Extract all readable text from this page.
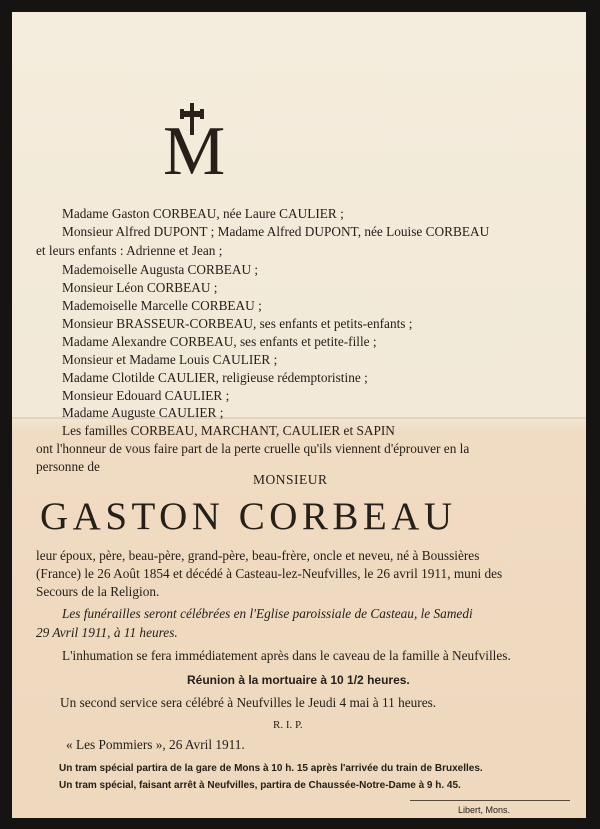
M
Madame Gaston CORBEAU, née Laure CAULIER ;
Monsieur Alfred DUPONT ; Madame Alfred DUPONT, née Louise CORBEAU
et leurs enfants : Adrienne et Jean ;
Mademoiselle Augusta CORBEAU ;
Monsieur Léon CORBEAU ;
Mademoiselle Marcelle CORBEAU ;
Monsieur BRASSEUR-CORBEAU, ses enfants et petits-enfants ;
Madame Alexandre CORBEAU, ses enfants et petite-fille ;
Monsieur et Madame Louis CAULIER ;
Madame Clotilde CAULIER, religieuse rédemptoristine ;
Monsieur Edouard CAULIER ;
Madame Auguste CAULIER ;
Les familles CORBEAU, MARCHANT, CAULIER et SAPIN
ont l'honneur de vous faire part de la perte cruelle qu'ils viennent d'éprouver en la
personne de
MONSIEUR
GASTON CORBEAU
leur époux, père, beau-père, grand-père, beau-frère, oncle et neveu, né à Boussières
(France) le 26 Août 1854 et décédé à Casteau-lez-Neufvilles, le 26 avril 1911, muni des
Secours de la Religion.
Les funérailles seront célébrées en l'Eglise paroissiale de Casteau, le Samedi
29 Avril 1911, à 11 heures.
L'inhumation se fera immédiatement après dans le caveau de la famille à Neufvilles.
Réunion à la mortuaire à 10 1/2 heures.
Un second service sera célébré à Neufvilles le Jeudi 4 mai à 11 heures.
R. I. P.
« Les Pommiers », 26 Avril 1911.
Un tram spécial partira de la gare de Mons à 10 h. 15 après l'arrivée du train de Bruxelles.
Un tram spécial, faisant arrêt à Neufvilles, partira de Chaussée-Notre-Dame à 9 h. 45.
Libert, Mons.
